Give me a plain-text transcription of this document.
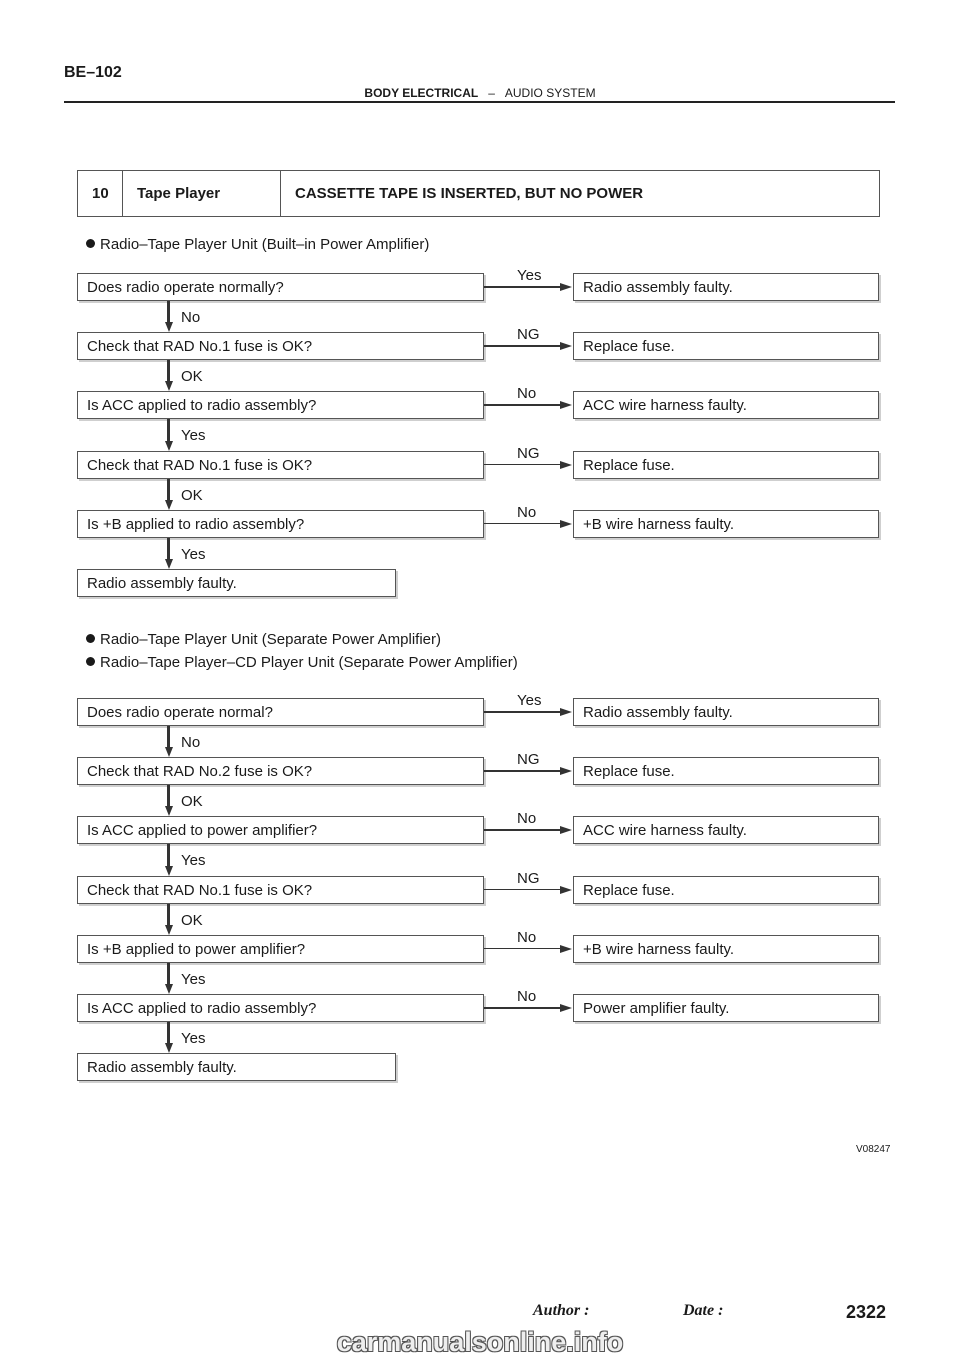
BE–102
BODY ELECTRICAL – AUDIO SYSTEM
10	Tape Player	CASSETTE TAPE IS INSERTED, BUT NO POWER
Radio–Tape Player Unit (Built–in Power Amplifier)
Does radio operate normally?	Radio assembly faulty.
Yes
No
Check that RAD No.1 fuse is OK?	Replace fuse.
NG
OK
Is ACC applied to radio assembly?	ACC wire harness faulty.
No
Yes
Check that RAD No.1 fuse is OK?	Replace fuse.
NG
OK
Is +B applied to radio assembly?	+B wire harness faulty.
No
Yes
Radio assembly faulty.
Radio–Tape Player Unit (Separate Power Amplifier)
Radio–Tape Player–CD Player Unit (Separate Power Amplifier)
Does radio operate normal?	Radio assembly faulty.
Yes
No
Check that RAD No.2 fuse is OK?	Replace fuse.
NG
OK
Is ACC applied to power amplifier?	ACC wire harness faulty.
No
Yes
Check that RAD No.1 fuse is OK?	Replace fuse.
NG
OK
Is +B applied to power amplifier?	+B wire harness faulty.
No
Yes
Is ACC applied to radio assembly?	Power amplifier faulty.
No
Yes
Radio assembly faulty.
V08247
Author :	Date :	2322
carmanualsonline.info
